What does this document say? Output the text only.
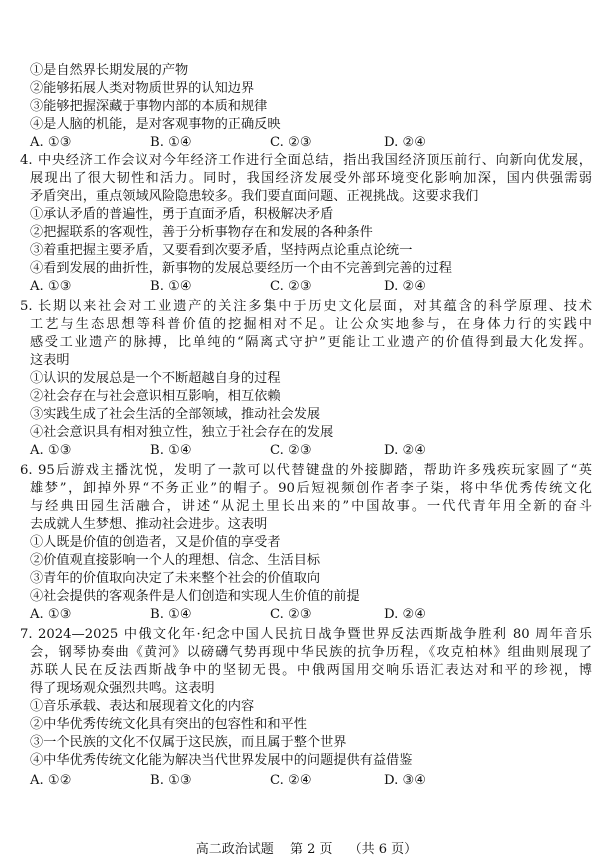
①是自然界长期发展的产物
②能够拓展人类对物质世界的认知边界
③能够把握深藏于事物内部的本质和规律
④是人脑的机能，是对客观事物的正确反映
A. ①③	B. ①④	C. ②③	D. ②④
4. 中央经济工作会议对今年经济工作进行全面总结，指出我国经济顶压前行、向新向优发展，
展现出了很大韧性和活力。同时，我国经济发展受外部环境变化影响加深，国内供强需弱
矛盾突出，重点领域风险隐患较多。我们要直面问题、正视挑战。这要求我们
①承认矛盾的普遍性，勇于直面矛盾，积极解决矛盾
②把握联系的客观性，善于分析事物存在和发展的各种条件
③着重把握主要矛盾，又要看到次要矛盾，坚持两点论重点论统一
④看到发展的曲折性，新事物的发展总要经历一个由不完善到完善的过程
A. ①③	B. ①④	C. ②③	D. ②④
5. 长期以来社会对工业遗产的关注多集中于历史文化层面，对其蕴含的科学原理、技术
工艺与生态思想等科普价值的挖掘相对不足。让公众实地参与，在身体力行的实践中
感受工业遗产的脉搏，比单纯的“隔离式守护”更能让工业遗产的价值得到最大化发挥。
这表明
①认识的发展总是一个不断超越自身的过程
②社会存在与社会意识相互影响，相互依赖
③实践生成了社会生活的全部领域，推动社会发展
④社会意识具有相对独立性，独立于社会存在的发展
A. ①③	B. ①④	C. ②③	D. ②④
6. 95后游戏主播沈悦，发明了一款可以代替键盘的外接脚踏，帮助许多残疾玩家圆了“英
雄梦”，卸掉外界“不务正业”的帽子。90后短视频创作者李子柒，将中华优秀传统文化
与经典田园生活融合，讲述“从泥土里长出来的”中国故事。一代代青年用全新的奋斗
去成就人生梦想、推动社会进步。这表明
①人既是价值的创造者，又是价值的享受者
②价值观直接影响一个人的理想、信念、生活目标
③青年的价值取向决定了未来整个社会的价值取向
④社会提供的客观条件是人们创造和实现人生价值的前提
A. ①③	B. ①④	C. ②③	D. ②④
7. 2024—2025 中俄文化年·纪念中国人民抗日战争暨世界反法西斯战争胜利 80 周年音乐
会，钢琴协奏曲《黄河》以磅礴气势再现中华民族的抗争历程，《攻克柏林》组曲则展现了
苏联人民在反法西斯战争中的坚韧无畏。中俄两国用交响乐语汇表达对和平的珍视，博
得了现场观众强烈共鸣。这表明
①音乐承载、表达和展现着文化的内容
②中华优秀传统文化具有突出的包容性和和平性
③一个民族的文化不仅属于这民族，而且属于整个世界
④中华优秀传统文化能为解决当代世界发展中的问题提供有益借鉴
A. ①②	B. ①③	C. ②④	D. ③④
高二政治试题 第 2 页 （共 6 页）
